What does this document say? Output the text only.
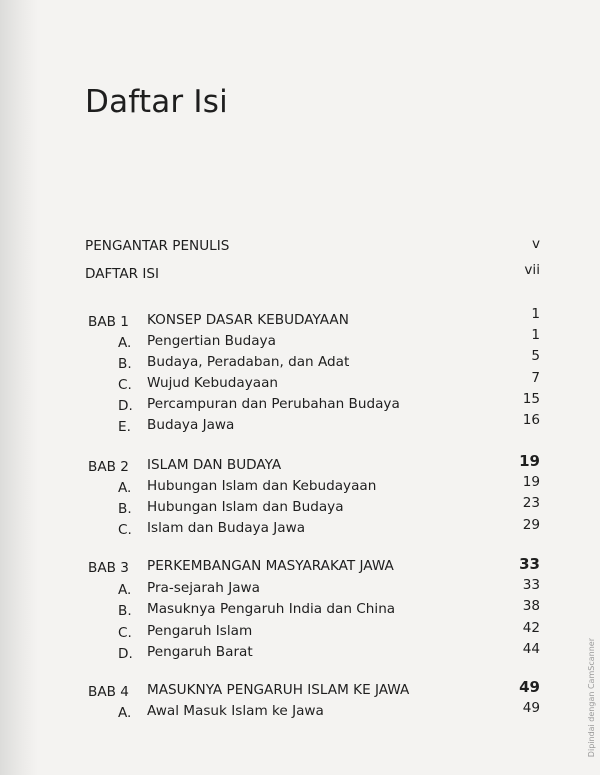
Daftar Isi
PENGANTAR PENULIS	v
DAFTAR ISI	vii
BAB 1 KONSEP DASAR KEBUDAYAAN	1
A. Pengertian Budaya	1
B. Budaya, Peradaban, dan Adat	5
C. Wujud Kebudayaan	7
D. Percampuran dan Perubahan Budaya	15
E. Budaya Jawa	16
BAB 2 ISLAM DAN BUDAYA	19
A. Hubungan Islam dan Kebudayaan	19
B. Hubungan Islam dan Budaya	23
C. Islam dan Budaya Jawa	29
BAB 3 PERKEMBANGAN MASYARAKAT JAWA	33
A. Pra-sejarah Jawa	33
B. Masuknya Pengaruh India dan China	38
C. Pengaruh Islam	42
D. Pengaruh Barat	44
BAB 4 MASUKNYA PENGARUH ISLAM KE JAWA	49
A. Awal Masuk Islam ke Jawa	49	Dipindai dengan CamScanner
